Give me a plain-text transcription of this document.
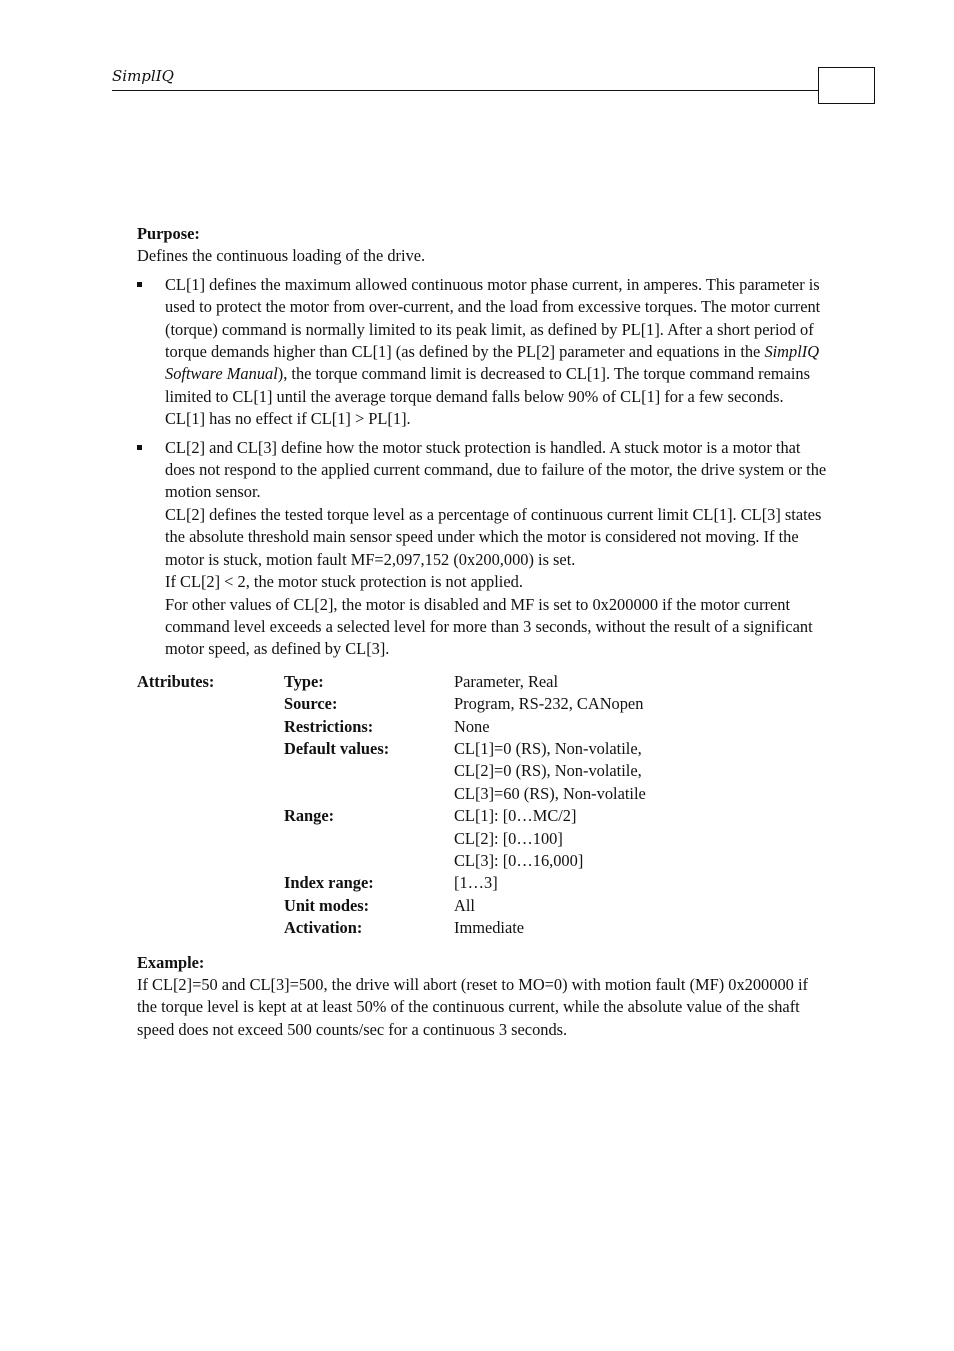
SimplIQ

Purpose:

Defines the continuous loading of the drive.

CL[1] defines the maximum allowed continuous motor phase current, in amperes. This parameter is used to protect the motor from over-current, and the load from excessive torques. The motor current (torque) command is normally limited to its peak limit, as defined by PL[1]. After a short period of torque demands higher than CL[1] (as defined by the PL[2] parameter and equations in the SimplIQ Software Manual), the torque command limit is decreased to CL[1]. The torque command remains limited to CL[1] until the average torque demand falls below 90% of CL[1] for a few seconds. CL[1] has no effect if CL[1] > PL[1].

CL[2] and CL[3] define how the motor stuck protection is handled. A stuck motor is a motor that does not respond to the applied current command, due to failure of the motor, the drive system or the motion sensor.

CL[2] defines the tested torque level as a percentage of continuous current limit CL[1]. CL[3] states the absolute threshold main sensor speed under which the motor is considered not moving. If the motor is stuck, motion fault MF=2,097,152 (0x200,000) is set.

If CL[2] < 2, the motor stuck protection is not applied.

For other values of CL[2], the motor is disabled and MF is set to 0x200000 if the motor current command level exceeds a selected level for more than 3 seconds, without the result of a significant motor speed, as defined by CL[3].

Attributes:	Type:	Parameter, Real
	Source:	Program, RS-232, CANopen
	Restrictions:	None
	Default values:	CL[1]=0 (RS), Non-volatile,
		CL[2]=0 (RS), Non-volatile,
		CL[3]=60 (RS), Non-volatile
	Range:	CL[1]: [0…MC/2]
		CL[2]: [0…100]
		CL[3]: [0…16,000]
	Index range:	[1…3]
	Unit modes:	All
	Activation:	Immediate

Example:

If CL[2]=50 and CL[3]=500, the drive will abort (reset to MO=0) with motion fault (MF) 0x200000 if the torque level is kept at at least 50% of the continuous current, while the absolute value of the shaft speed does not exceed 500 counts/sec for a continuous 3 seconds.
